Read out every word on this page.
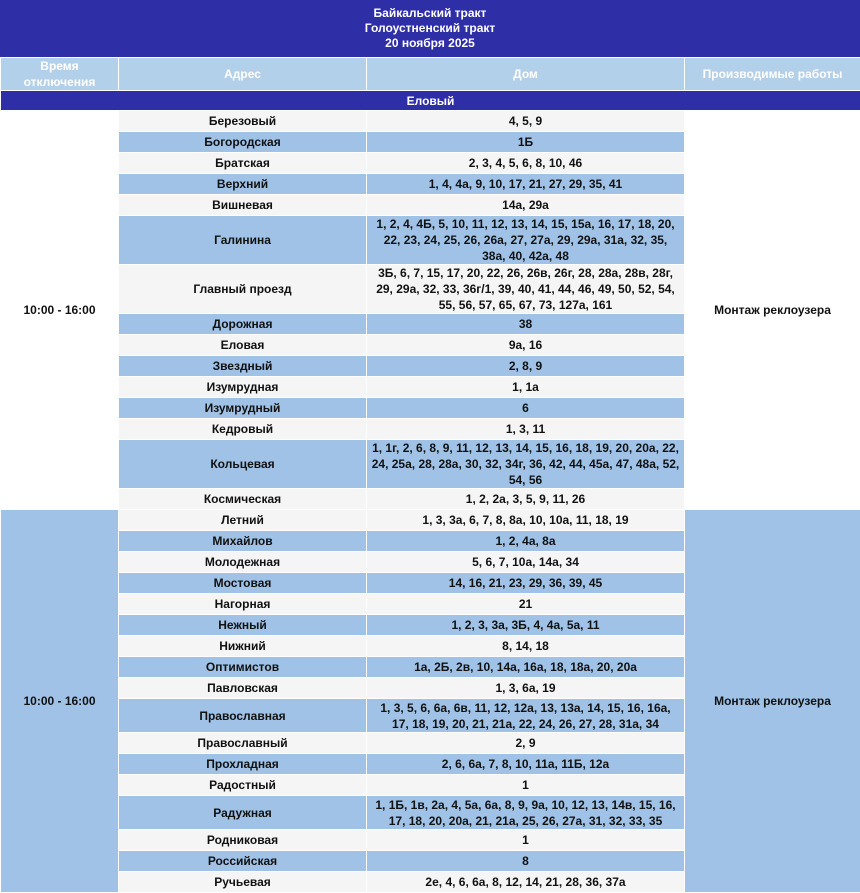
Байкальский тракт
Голоустненский тракт
20 ноября 2025
Время отключения	Адрес	Дом	Производимые работы
Еловый			
10:00 - 16:00	Березовый	4, 5, 9	Монтаж реклоузера
	Богородская	1Б	
	Братская	2, 3, 4, 5, 6, 8, 10, 46	
	Верхний	1, 4, 4а, 9, 10, 17, 21, 27, 29, 35, 41	
	Вишневая	14а, 29а	
	Галинина	1, 2, 4, 4Б, 5, 10, 11, 12, 13, 14, 15, 15а, 16, 17, 18, 20, 22, 23, 24, 25, 26, 26а, 27, 27а, 29, 29а, 31а, 32, 35, 38а, 40, 42а, 48	
	Главный проезд	3Б, 6, 7, 15, 17, 20, 22, 26, 26в, 26г, 28, 28а, 28в, 28г, 29, 29а, 32, 33, 36г/1, 39, 40, 41, 44, 46, 49, 50, 52, 54, 55, 56, 57, 65, 67, 73, 127а, 161	
	Дорожная	38	
	Еловая	9а, 16	
	Звездный	2, 8, 9	
	Изумрудная	1, 1а	
	Изумрудный	6	
	Кедровый	1, 3, 11	
	Кольцевая	1, 1г, 2, 6, 8, 9, 11, 12, 13, 14, 15, 16, 18, 19, 20, 20а, 22, 24, 25а, 28, 28а, 30, 32, 34г, 36, 42, 44, 45а, 47, 48а, 52, 54, 56	
	Космическая	1, 2, 2а, 3, 5, 9, 11, 26	
10:00 - 16:00	Летний	1, 3, 3а, 6, 7, 8, 8а, 10, 10а, 11, 18, 19	Монтаж реклоузера
	Михайлов	1, 2, 4а, 8а	
	Молодежная	5, 6, 7, 10а, 14а, 34	
	Мостовая	14, 16, 21, 23, 29, 36, 39, 45	
	Нагорная	21	
	Нежный	1, 2, 3, 3а, 3Б, 4, 4а, 5а, 11	
	Нижний	8, 14, 18	
	Оптимистов	1а, 2Б, 2в, 10, 14а, 16а, 18, 18а, 20, 20а	
	Павловская	1, 3, 6а, 19	
	Православная	1, 3, 5, 6, 6а, 6в, 11, 12, 12а, 13, 13а, 14, 15, 16, 16а, 17, 18, 19, 20, 21, 21а, 22, 24, 26, 27, 28, 31а, 34	
	Православный	2, 9	
	Прохладная	2, 6, 6а, 7, 8, 10, 11а, 11Б, 12а	
	Радостный	1	
	Радужная	1, 1Б, 1в, 2а, 4, 5а, 6а, 8, 9, 9а, 10, 12, 13, 14в, 15, 16, 17, 18, 20, 20а, 21, 21а, 25, 26, 27а, 31, 32, 33, 35	
	Родниковая	1	
	Российская	8	
	Ручьевая	2е, 4, 6, 6а, 8, 12, 14, 21, 28, 36, 37а	
